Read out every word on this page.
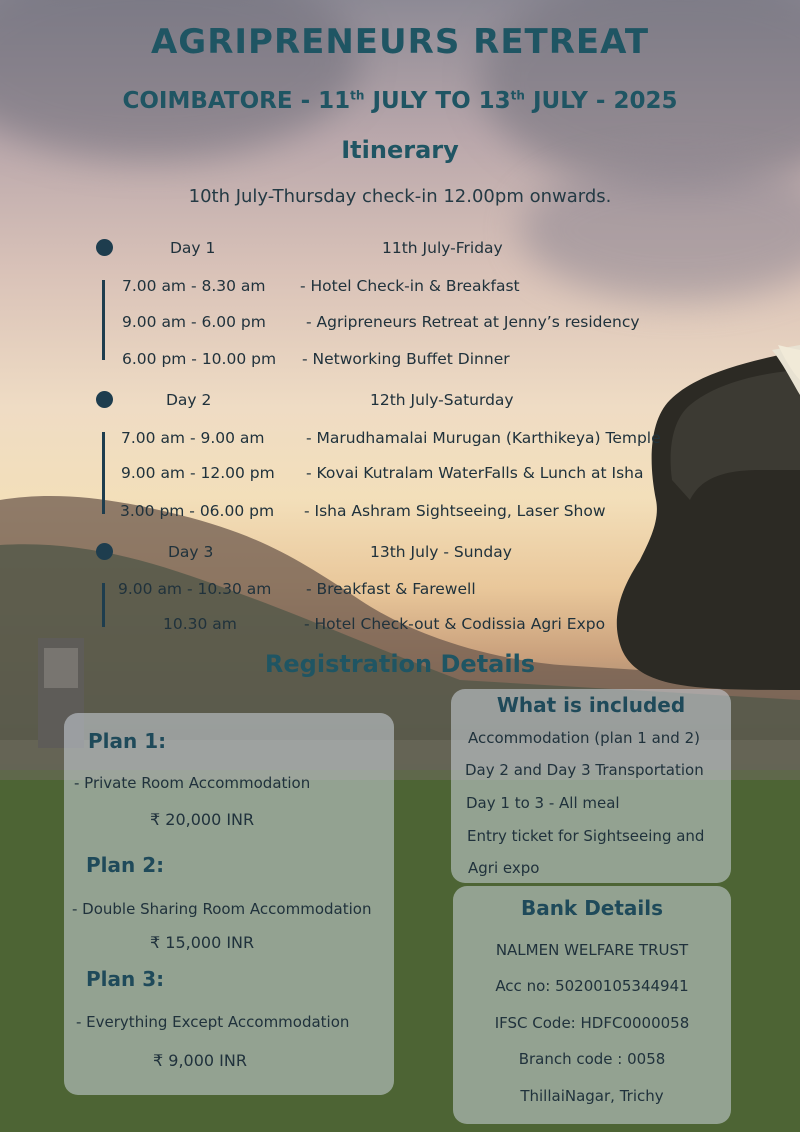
AGRIPRENEURS RETREAT
COIMBATORE - 11th JULY TO 13th JULY - 2025
Itinerary
10th July-Thursday check-in 12.00pm onwards.
Day 1	11th July-Friday
7.00 am - 8.30 am - Hotel Check-in & Breakfast
9.00 am - 6.00 pm	- Agripreneurs Retreat at Jenny’s residency
6.00 pm - 10.00 pm - Networking Buffet Dinner
Day 2	12th July-Saturday
7.00 am - 9.00 am	- Marudhamalai Murugan (Karthikeya) Temple
9.00 am - 12.00 pm - Kovai Kutralam WaterFalls & Lunch at Isha
3.00 pm - 06.00 pm - Isha Ashram Sightseeing, Laser Show
Day 3	13th July - Sunday
9.00 am - 10.30 am - Breakfast & Farewell
10.30 am	- Hotel Check-out & Codissia Agri Expo
Registration Details
Plan 1:
- Private Room Accommodation
₹ 20,000 INR
Plan 2:
- Double Sharing Room Accommodation
₹ 15,000 INR
Plan 3:
- Everything Except Accommodation
₹ 9,000 INR
What is included
Accommodation (plan 1 and 2)
Day 2 and Day 3 Transportation
Day 1 to 3 - All meal
Entry ticket for Sightseeing and
Agri expo
Bank Details
NALMEN WELFARE TRUST
Acc no: 50200105344941
IFSC Code: HDFC0000058
Branch code : 0058
ThillaiNagar, Trichy
